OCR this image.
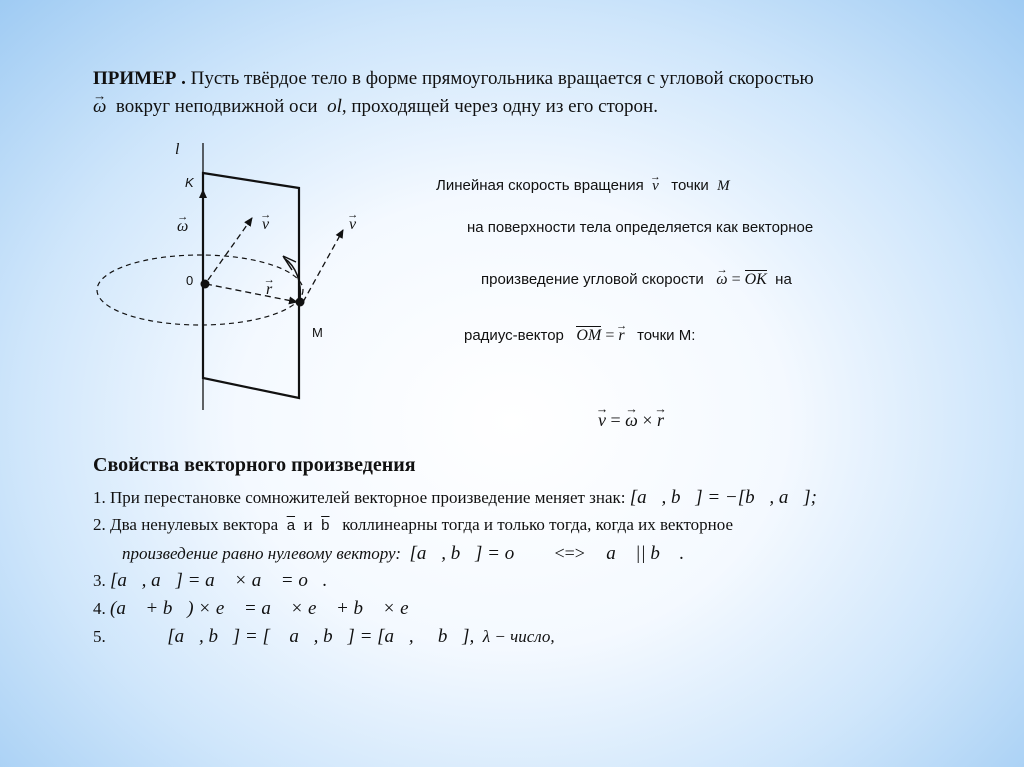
ПРИМЕР . Пусть твёрдое тело в форме прямоугольника вращается с угловой скоростью
→ ω вокруг неподвижной оси ol, проходящей через одну из его сторон.
l
K
→ ω	→ v	→ v
0
→ r
М
Линейная скорость вращения → v точки M
на поверхности тела определяется как векторное
произведение угловой скорости → ω = OK на
радиус-вектор OM = → r точки М:
→ v = → ω × → r
Свойства векторного произведения
1. При перестановке сомножителей векторное произведение меняет знак: [a⃗, b⃗] = −[b⃗, a⃗];
2. Два ненулевых вектора $\overline{a}$ и $\overline{b}$ коллинеарны тогда и только тогда, когда их векторное
произведение равно нулевому вектору: [a⃗, b⃗] = o⃗ <=> a⃗ || b⃗ .
3. [a⃗, a⃗] = a⃗ × a⃗ = o⃗.
4. (a⃗ + b⃗) × e⃗ = a⃗ × e⃗ + b⃗ × e⃗
5. ⋏[a⃗, b⃗] = [⋏ a⃗, b⃗] = [a⃗, ⋏ b⃗], λ − число,
